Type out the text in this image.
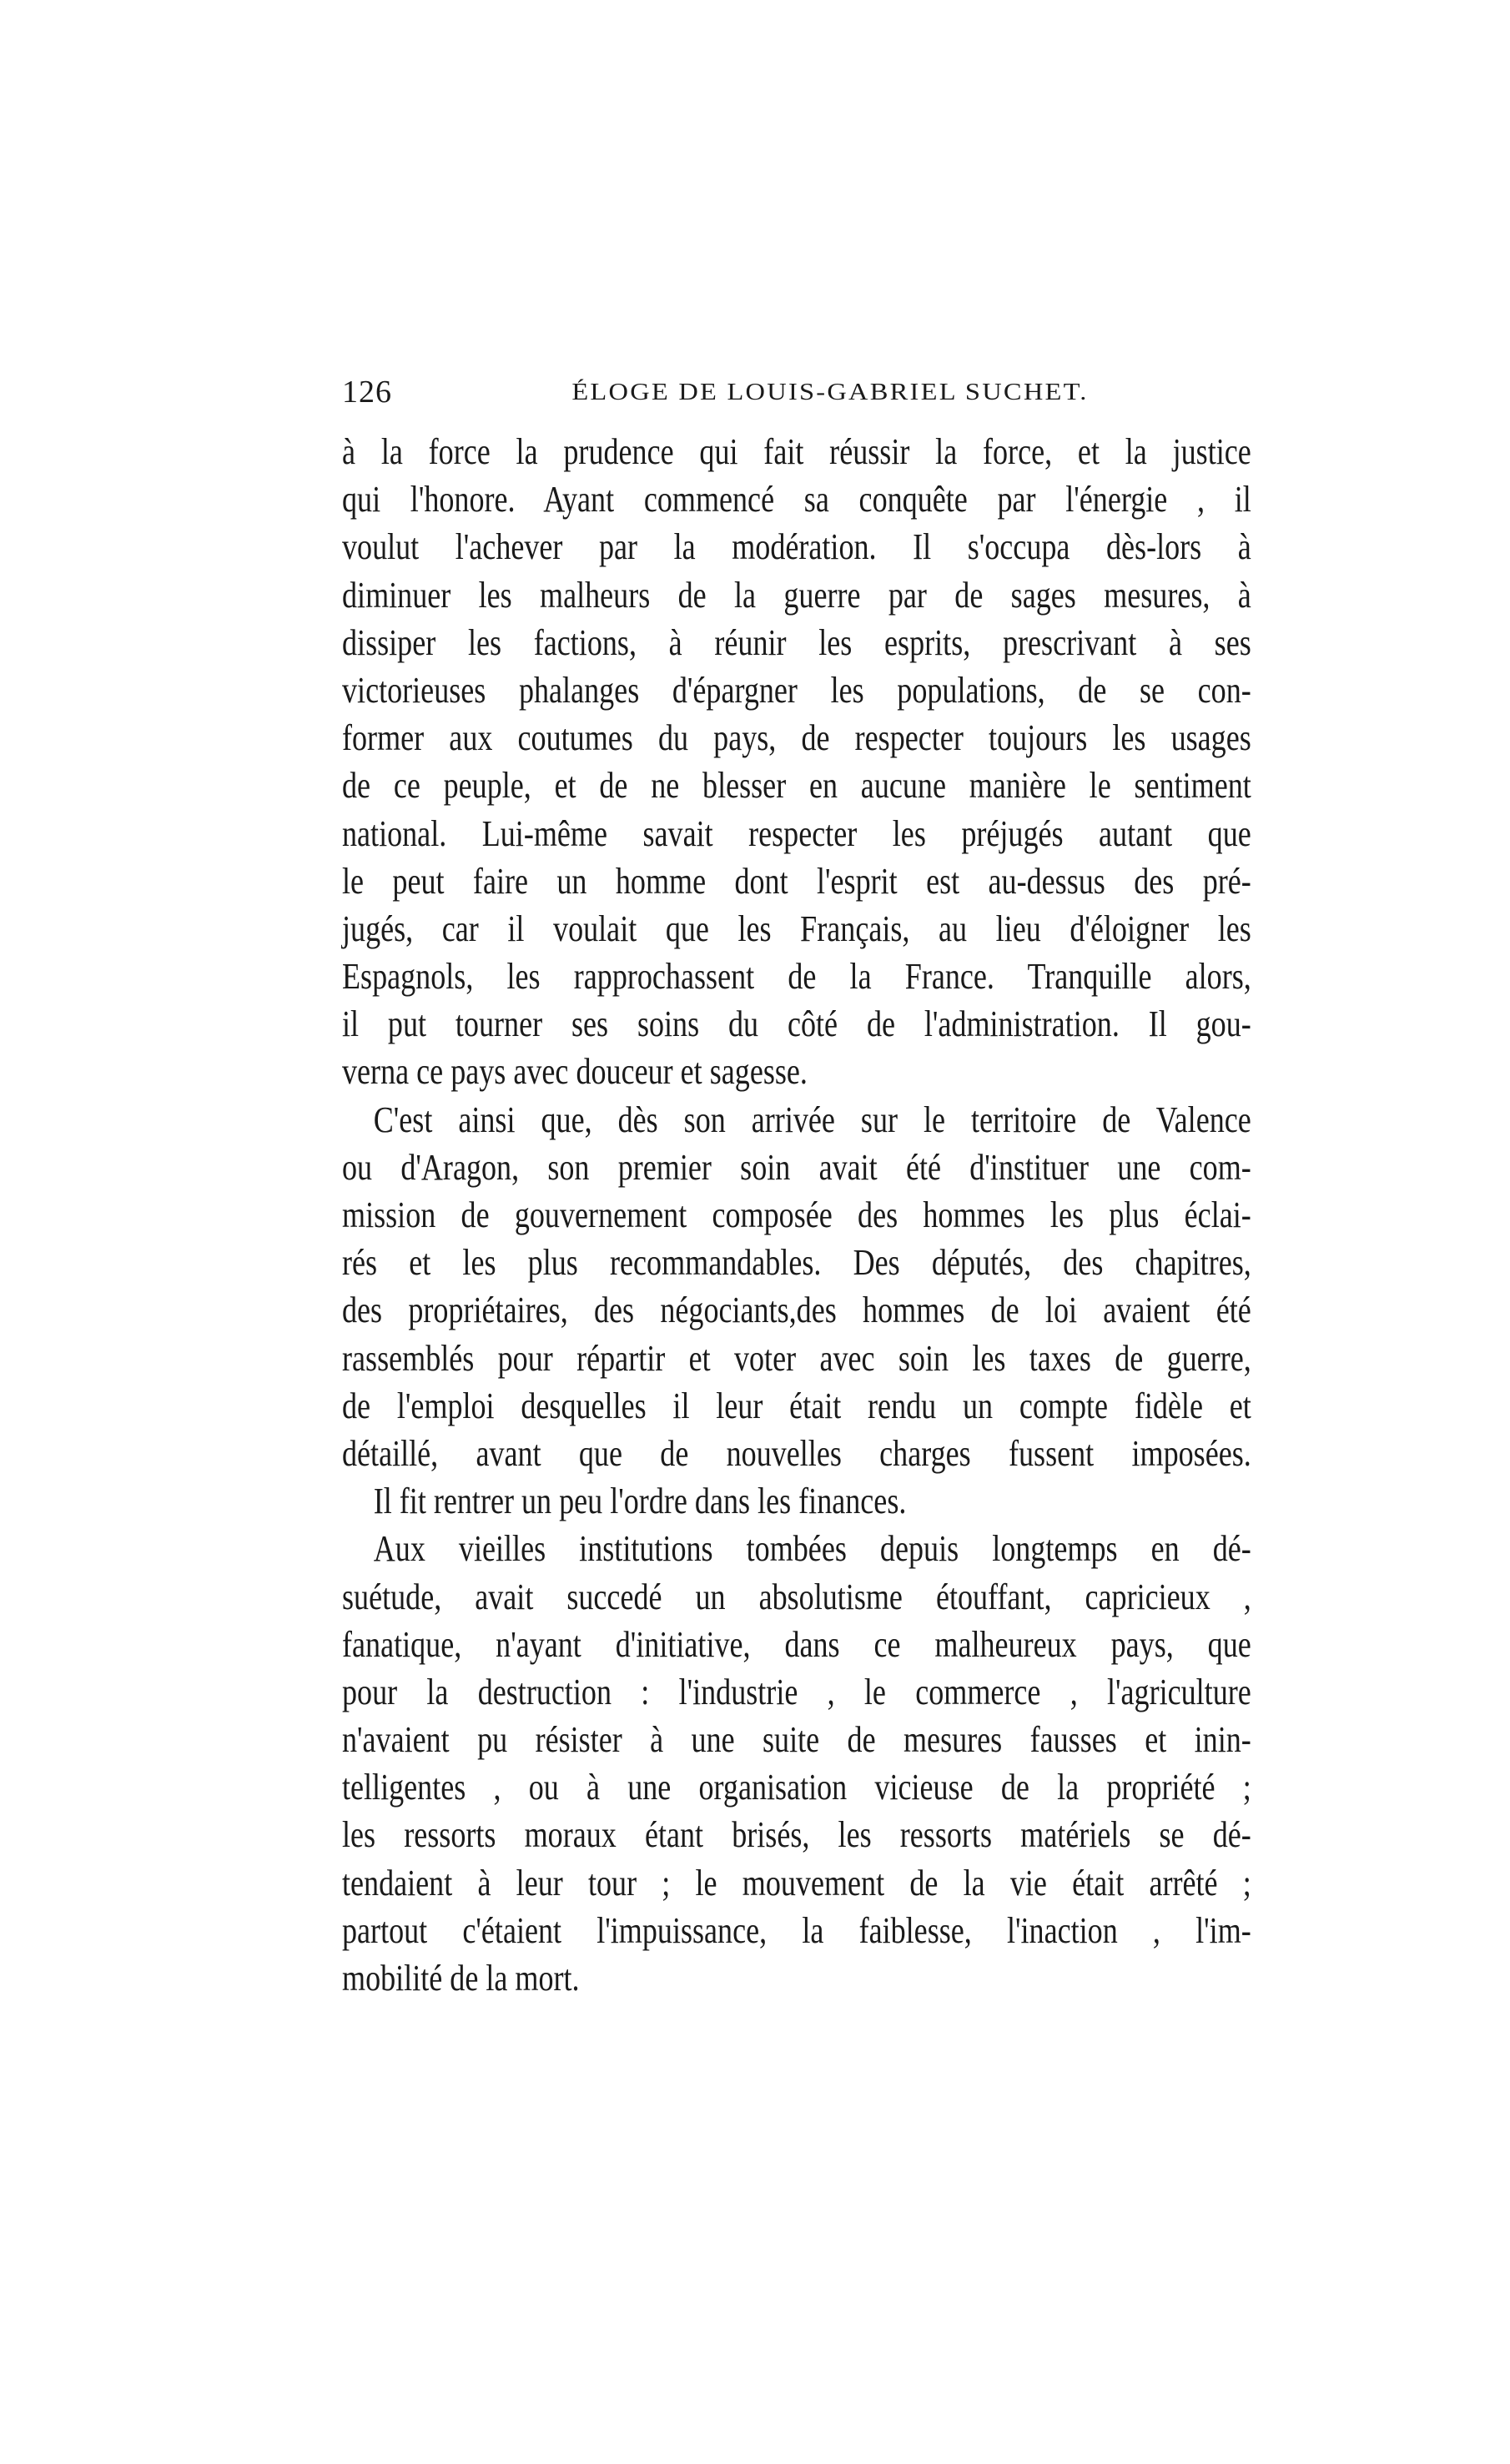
126	ÉLOGE DE LOUIS-GABRIEL SUCHET.
à la force la prudence qui fait réussir la force, et la justice
qui l'honore. Ayant commencé sa conquête par l'énergie , il
voulut l'achever par la modération. Il s'occupa dès-lors à
diminuer les malheurs de la guerre par de sages mesures, à
dissiper les factions, à réunir les esprits, prescrivant à ses
victorieuses phalanges d'épargner les populations, de se con-
former aux coutumes du pays, de respecter toujours les usages
de ce peuple, et de ne blesser en aucune manière le sentiment
national. Lui-même savait respecter les préjugés autant que
le peut faire un homme dont l'esprit est au-dessus des pré-
jugés, car il voulait que les Français, au lieu d'éloigner les
Espagnols, les rapprochassent de la France. Tranquille alors,
il put tourner ses soins du côté de l'administration. Il gou-
verna ce pays avec douceur et sagesse.
C'est ainsi que, dès son arrivée sur le territoire de Valence
ou d'Aragon, son premier soin avait été d'instituer une com-
mission de gouvernement composée des hommes les plus éclai-
rés et les plus recommandables. Des députés, des chapitres,
des propriétaires, des négociants,des hommes de loi avaient été
rassemblés pour répartir et voter avec soin les taxes de guerre,
de l'emploi desquelles il leur était rendu un compte fidèle et
détaillé, avant que de nouvelles charges fussent imposées.
Il fit rentrer un peu l'ordre dans les finances.
Aux vieilles institutions tombées depuis longtemps en dé-
suétude, avait succedé un absolutisme étouffant, capricieux ,
fanatique, n'ayant d'initiative, dans ce malheureux pays, que
pour la destruction : l'industrie , le commerce , l'agriculture
n'avaient pu résister à une suite de mesures fausses et inin-
telligentes , ou à une organisation vicieuse de la propriété ;
les ressorts moraux étant brisés, les ressorts matériels se dé-
tendaient à leur tour ; le mouvement de la vie était arrêté ;
partout c'étaient l'impuissance, la faiblesse, l'inaction , l'im-
mobilité de la mort.
